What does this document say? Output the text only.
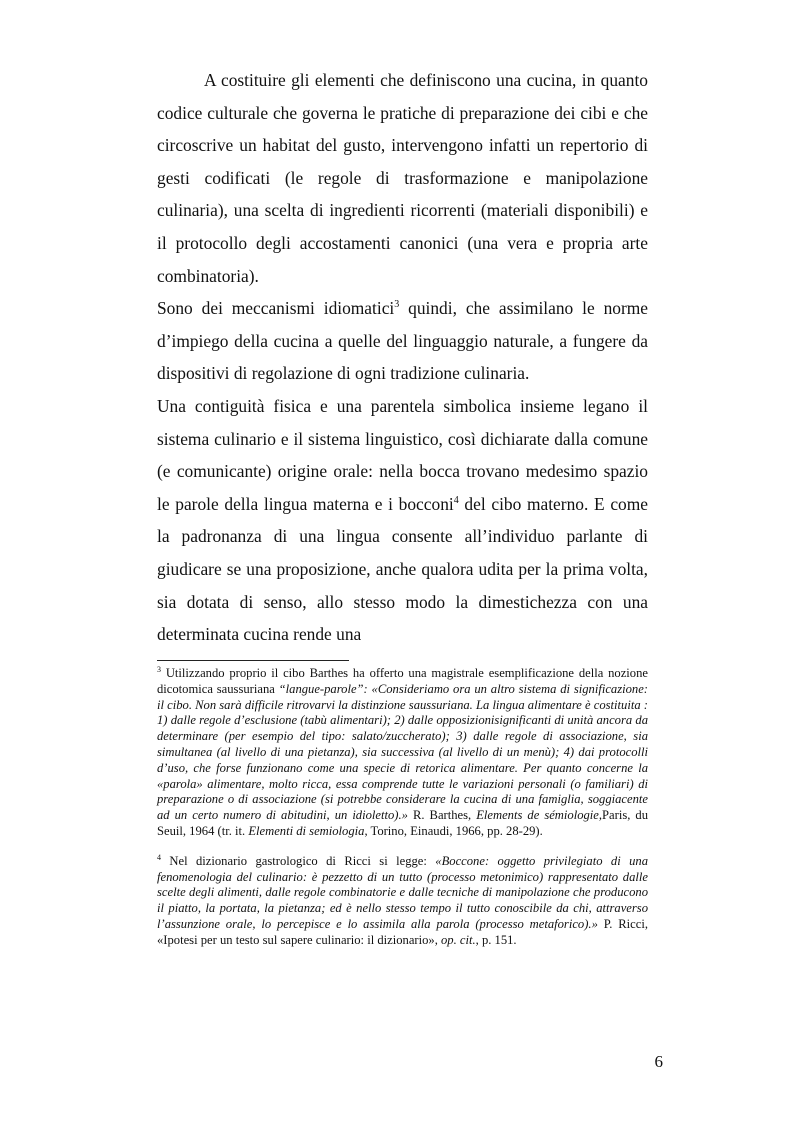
A costituire gli elementi che definiscono una cucina, in quanto codice culturale che governa le pratiche di preparazione dei cibi e che circoscrive un habitat del gusto, intervengono infatti un repertorio di gesti codificati (le regole di trasformazione e manipolazione culinaria), una scelta di ingredienti ricorrenti (materiali disponibili) e il protocollo degli accostamenti canonici (una vera e propria arte combinatoria).

Sono dei meccanismi idiomatici$^3$ quindi, che assimilano le norme d’impiego della cucina a quelle del linguaggio naturale, a fungere da dispositivi di regolazione di ogni tradizione culinaria.

Una contiguità fisica e una parentela simbolica insieme legano il sistema culinario e il sistema linguistico, così dichiarate dalla comune (e comunicante) origine orale: nella bocca trovano medesimo spazio le parole della lingua materna e i bocconi$^4$ del cibo materno. E come la padronanza di una lingua consente all’individuo parlante di giudicare se una proposizione, anche qualora udita per la prima volta, sia dotata di senso, allo stesso modo la dimestichezza con una determinata cucina rende una

$^3$ Utilizzando proprio il cibo Barthes ha offerto una magistrale esemplificazione della nozione dicotomica saussuriana “langue-parole”: «Consideriamo ora un altro sistema di significazione: il cibo. Non sarà difficile ritrovarvi la distinzione saussuriana. La lingua alimentare è costituita : 1) dalle regole d’esclusione (tabù alimentari); 2) dalle opposizionisignificanti di unità ancora da determinare (per esempio del tipo: salato/zuccherato); 3) dalle regole di associazione, sia simultanea (al livello di una pietanza), sia successiva (al livello di un menù); 4) dai protocolli d’uso, che forse funzionano come una specie di retorica alimentare. Per quanto concerne la «parola» alimentare, molto ricca, essa comprende tutte le variazioni personali (o familiari) di preparazione o di associazione (si potrebbe considerare la cucina di una famiglia, soggiacente ad un certo numero di abitudini, un idioletto).» R. Barthes, Elements de sémiologie,Paris, du Seuil, 1964 (tr. it. Elementi di semiologia, Torino, Einaudi, 1966, pp. 28-29).

$^4$ Nel dizionario gastrologico di Ricci si legge: «Boccone: oggetto privilegiato di una fenomenologia del culinario: è pezzetto di un tutto (processo metonimico) rappresentato dalle scelte degli alimenti, dalle regole combinatorie e dalle tecniche di manipolazione che producono il piatto, la portata, la pietanza; ed è nello stesso tempo il tutto conoscibile da chi, attraverso l’assunzione orale, lo percepisce e lo assimila alla parola (processo metaforico).» P. Ricci, «Ipotesi per un testo sul sapere culinario: il dizionario», op. cit., p. 151.

6
